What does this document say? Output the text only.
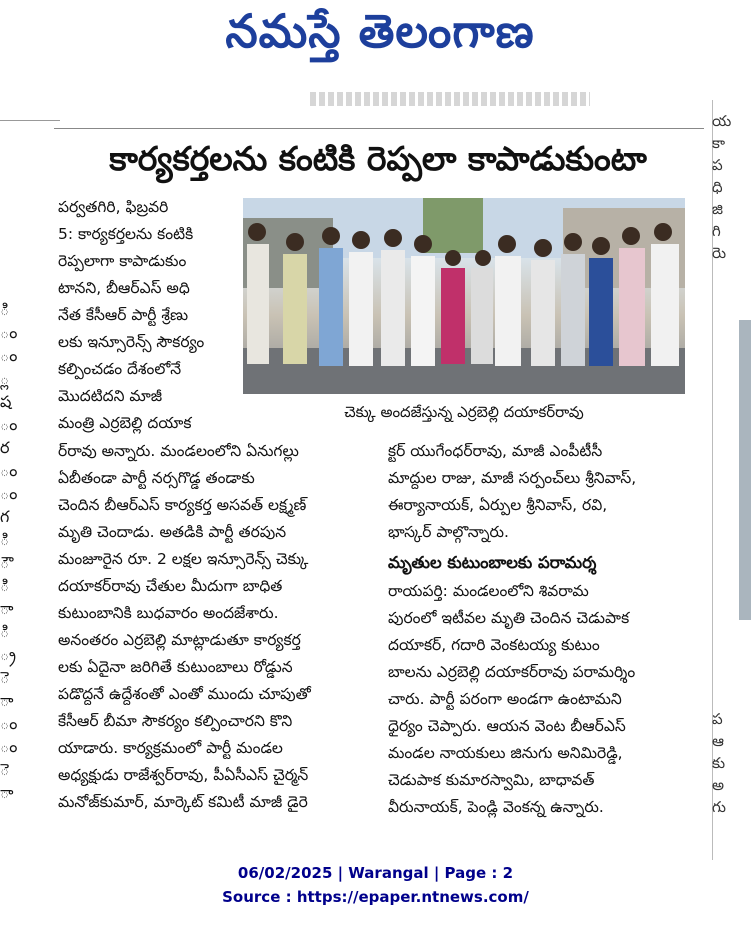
నమస్తే తెలంగాణ
ి
ం
ం
్ల
ష
ం
ర
ం
ం
గ
ి
ౌ
ి
ా
ి
్ర
ె
ా
ం
ం
ె
ా
య
కా
ప
ధి
జి
గి
రెు
ప
ఆ
కు
అ
గు
కార్యకర్తలను కంటికి రెప్పలా కాపాడుకుంటా
పర్వతగిరి, ఫిబ్రవరి
5: కార్యకర్తలను కంటికి
రెప్పలాగా కాపాడుకుం
టానని, బీఆర్ఎస్ అధి
నేత కేసీఆర్ పార్టీ శ్రేణు
లకు ఇన్సూరెన్స్ సౌకర్యం
కల్పించడం దేశంలోనే
మొదటిదని మాజీ
మంత్రి ఎర్రబెల్లి దయాక
చెక్కు అందజేస్తున్న ఎర్రబెల్లి దయాకర్‌రావు
ర్‌రావు అన్నారు. మండలంలోని ఏనుగల్లు
ఏబీతండా పార్టీ నర్సగొడ్డ తండాకు
చెందిన బీఆర్ఎస్ కార్యకర్త అసవత్ లక్ష్మణ్
మృతి చెందాడు. అతడికి పార్టీ తరపున
మంజూరైన రూ. 2 లక్షల ఇన్సూరెన్స్ చెక్కు
దయాకర్‌రావు చేతుల మీదుగా బాధిత
కుటుంబానికి బుధవారం అందజేశారు.
అనంతరం ఎర్రబెల్లి మాట్లాడుతూ కార్యకర్త
లకు ఏదైనా జరిగితే కుటుంబాలు రోడ్డున
పడొద్దనే ఉద్దేశంతో ఎంతో ముందు చూపుతో
కేసీఆర్ బీమా సౌకర్యం కల్పించారని కొని
యాడారు. కార్యక్రమంలో పార్టీ మండల
అధ్యక్షుడు రాజేశ్వర్‌రావు, పీఏసీఎస్ చైర్మన్
మనోజ్‌కుమార్, మార్కెట్ కమిటీ మాజీ డైరె
క్టర్ యుగేంధర్‌రావు, మాజీ ఎంపీటీసీ
మాద్దుల రాజు, మాజీ సర్పంచ్‌లు శ్రీనివాస్,
ఈర్యానాయక్, ఏర్పుల శ్రీనివాస్, రవి,
భాస్కర్ పాల్గొన్నారు.
మృతుల కుటుంబాలకు పరామర్శ
రాయపర్తి: మండలంలోని శివరామ
పురంలో ఇటీవల మృతి చెందిన చెడుపాక
దయాకర్, గదారి వెంకటయ్య కుటుం
బాలను ఎర్రబెల్లి దయాకర్‌రావు పరామర్శిం
చారు. పార్టీ పరంగా అండగా ఉంటామని
ధైర్యం చెప్పారు. ఆయన వెంట బీఆర్ఎస్
మండల నాయకులు జినుగు అనిమిరెడ్డి,
చెడుపాక కుమారస్వామి, బాధావత్
వీరునాయక్, పెండ్లి వెంకన్న ఉన్నారు.
06/02/2025 | Warangal | Page : 2
Source : https://epaper.ntnews.com/
